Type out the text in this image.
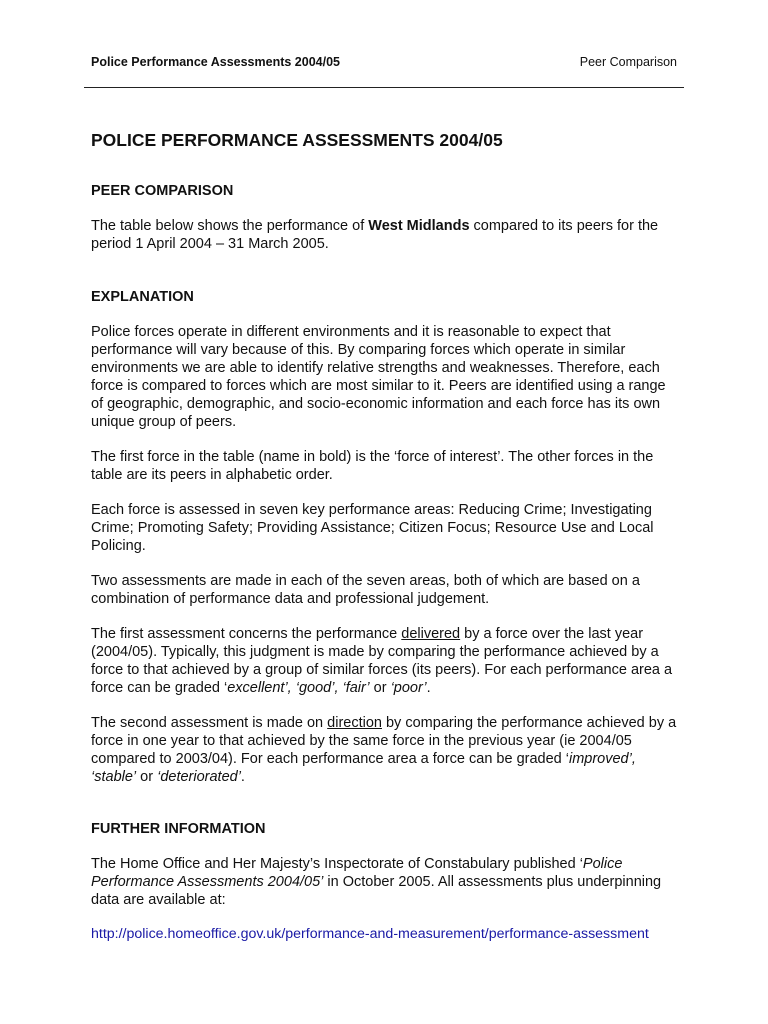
Police Performance Assessments 2004/05	Peer Comparison
POLICE PERFORMANCE ASSESSMENTS 2004/05
PEER COMPARISON

The table below shows the performance of West Midlands compared to its peers for the period 1 April 2004 – 31 March 2005.

EXPLANATION

Police forces operate in different environments and it is reasonable to expect that performance will vary because of this. By comparing forces which operate in similar environments we are able to identify relative strengths and weaknesses. Therefore, each force is compared to forces which are most similar to it. Peers are identified using a range of geographic, demographic, and socio-economic information and each force has its own unique group of peers.

The first force in the table (name in bold) is the ‘force of interest’. The other forces in the table are its peers in alphabetic order.

Each force is assessed in seven key performance areas: Reducing Crime; Investigating Crime; Promoting Safety; Providing Assistance; Citizen Focus; Resource Use and Local Policing.

Two assessments are made in each of the seven areas, both of which are based on a combination of performance data and professional judgement.

The first assessment concerns the performance delivered by a force over the last year (2004/05). Typically, this judgment is made by comparing the performance achieved by a force to that achieved by a group of similar forces (its peers). For each performance area a force can be graded ‘excellent’, ‘good’, ‘fair’ or ‘poor’.

The second assessment is made on direction by comparing the performance achieved by a force in one year to that achieved by the same force in the previous year (ie 2004/05 compared to 2003/04). For each performance area a force can be graded ‘improved’, ‘stable’ or ‘deteriorated’.

FURTHER INFORMATION

The Home Office and Her Majesty’s Inspectorate of Constabulary published ‘Police Performance Assessments 2004/05’ in October 2005. All assessments plus underpinning data are available at:

http://police.homeoffice.gov.uk/performance-and-measurement/performance-assessment
